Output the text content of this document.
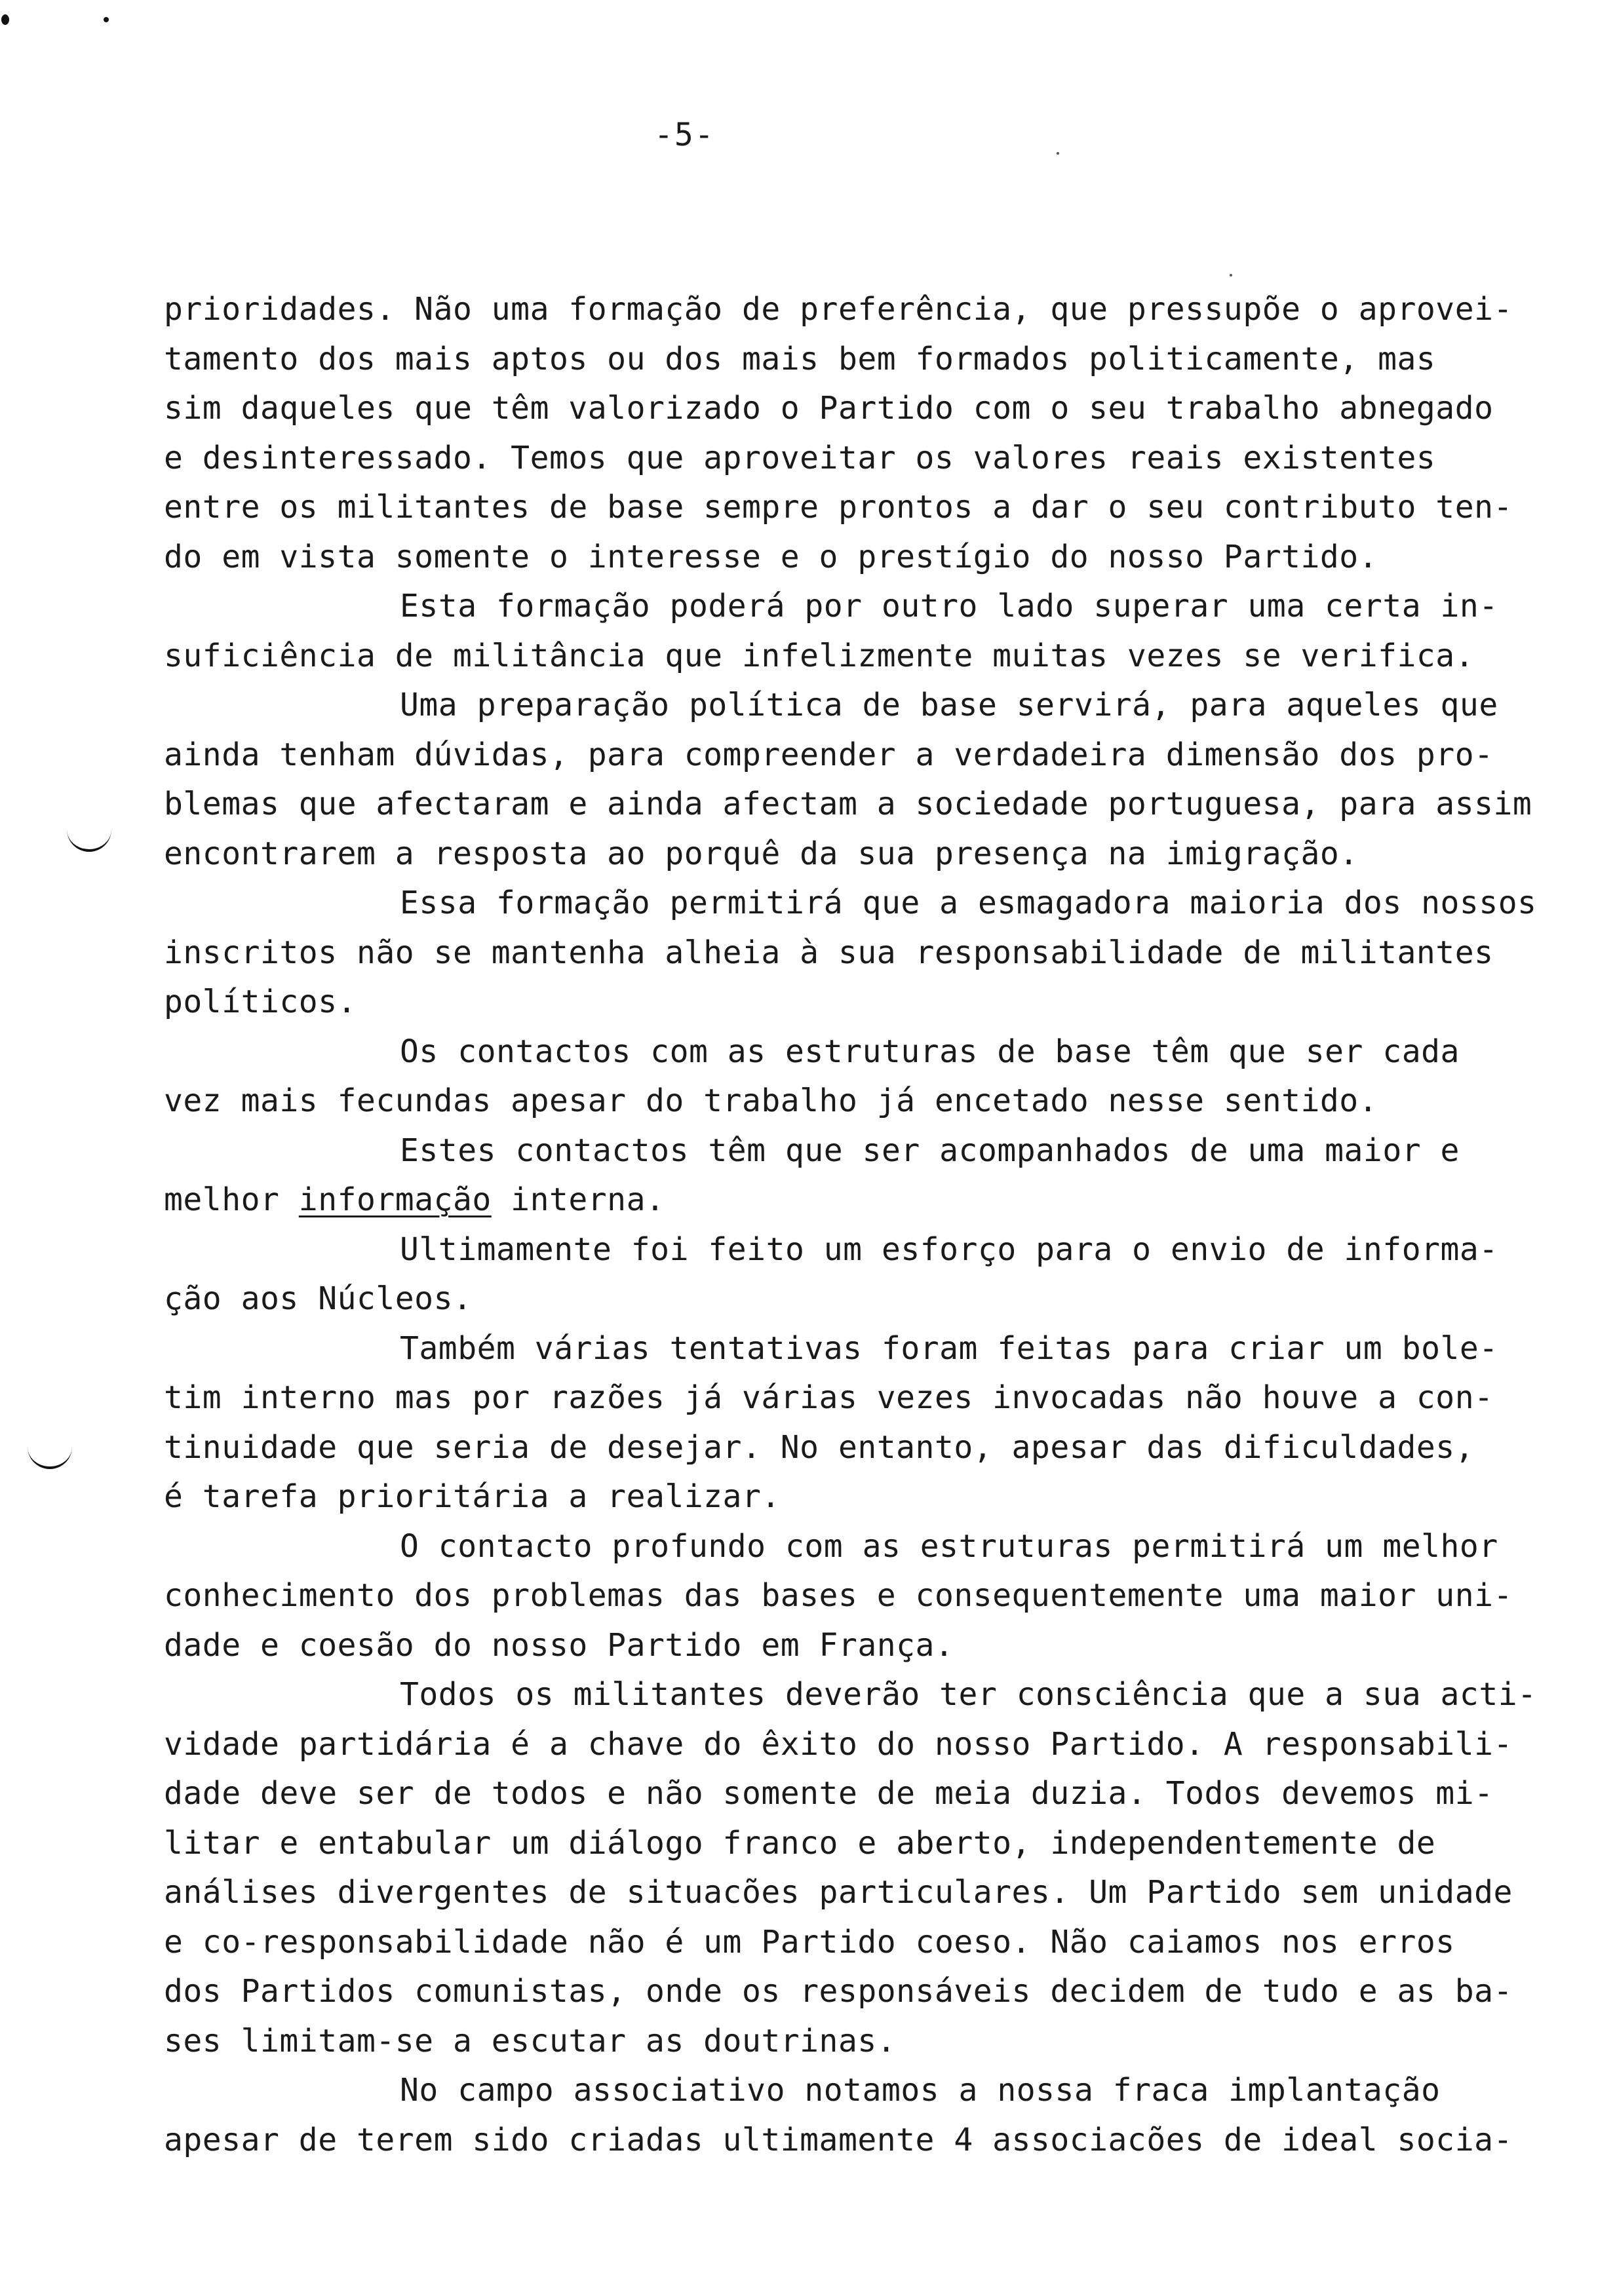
-5-
prioridades. Não uma formação de preferência, que pressupõe o aprovei-
tamento dos mais aptos ou dos mais bem formados politicamente, mas
sim daqueles que têm valorizado o Partido com o seu trabalho abnegado
e desinteressado. Temos que aproveitar os valores reais existentes
entre os militantes de base sempre prontos a dar o seu contributo ten-
do em vista somente o interesse e o prestígio do nosso Partido.
Esta formação poderá por outro lado superar uma certa in-
suficiência de militância que infelizmente muitas vezes se verifica.
Uma preparação política de base servirá, para aqueles que
ainda tenham dúvidas, para compreender a verdadeira dimensão dos pro-
blemas que afectaram e ainda afectam a sociedade portuguesa, para assim
encontrarem a resposta ao porquê da sua presença na imigração.
Essa formação permitirá que a esmagadora maioria dos nossos
inscritos não se mantenha alheia à sua responsabilidade de militantes
políticos.
Os contactos com as estruturas de base têm que ser cada
vez mais fecundas apesar do trabalho já encetado nesse sentido.
Estes contactos têm que ser acompanhados de uma maior e
melhor informação interna.
Ultimamente foi feito um esforço para o envio de informa-
ção aos Núcleos.
Também várias tentativas foram feitas para criar um bole-
tim interno mas por razões já várias vezes invocadas não houve a con-
tinuidade que seria de desejar. No entanto, apesar das dificuldades,
é tarefa prioritária a realizar.
O contacto profundo com as estruturas permitirá um melhor
conhecimento dos problemas das bases e consequentemente uma maior uni-
dade e coesão do nosso Partido em França.
Todos os militantes deverão ter consciência que a sua acti-
vidade partidária é a chave do êxito do nosso Partido. A responsabili-
dade deve ser de todos e não somente de meia duzia. Todos devemos mi-
litar e entabular um diálogo franco e aberto, independentemente de
análises divergentes de situacões particulares. Um Partido sem unidade
e co-responsabilidade não é um Partido coeso. Não caiamos nos erros
dos Partidos comunistas, onde os responsáveis decidem de tudo e as ba-
ses limitam-se a escutar as doutrinas.
No campo associativo notamos a nossa fraca implantação
apesar de terem sido criadas ultimamente 4 associacões de ideal socia-
